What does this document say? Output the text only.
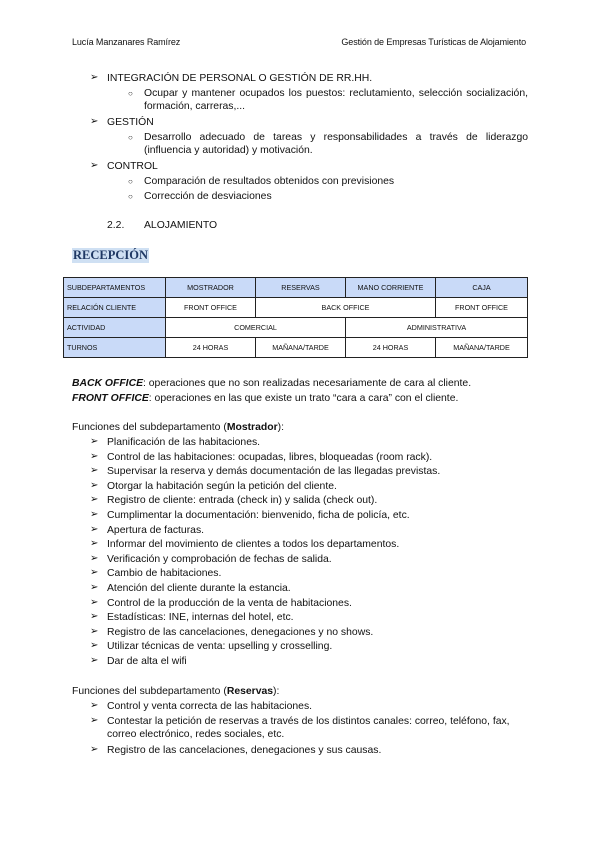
Lucía Manzanares Ramírez	Gestión de Empresas Turísticas de Alojamiento
➢ INTEGRACIÓN DE PERSONAL O GESTIÓN DE RR.HH.
○ Ocupar y mantener ocupados los puestos: reclutamiento, selección socialización, formación, carreras,...
➢ GESTIÓN
○ Desarrollo adecuado de tareas y responsabilidades a través de liderazgo (influencia y autoridad) y motivación.
➢ CONTROL
○ Comparación de resultados obtenidos con previsiones
○ Corrección de desviaciones
2.2. ALOJAMIENTO
RECEPCIÓN
SUBDEPARTAMENTOS	MOSTRADOR	RESERVAS	MANO CORRIENTE	CAJA
RELACIÓN CLIENTE	FRONT OFFICE	BACK OFFICE		FRONT OFFICE
ACTIVIDAD	COMERCIAL		ADMINISTRATIVA	
TURNOS	24 HORAS	MAÑANA/TARDE	24 HORAS	MAÑANA/TARDE
BACK OFFICE: operaciones que no son realizadas necesariamente de cara al cliente.
FRONT OFFICE: operaciones en las que existe un trato “cara a cara” con el cliente.
Funciones del subdepartamento (Mostrador):
➢ Planificación de las habitaciones.
➢ Control de las habitaciones: ocupadas, libres, bloqueadas (room rack).
➢ Supervisar la reserva y demás documentación de las llegadas previstas.
➢ Otorgar la habitación según la petición del cliente.
➢ Registro de cliente: entrada (check in) y salida (check out).
➢ Cumplimentar la documentación: bienvenido, ficha de policía, etc.
➢ Apertura de facturas.
➢ Informar del movimiento de clientes a todos los departamentos.
➢ Verificación y comprobación de fechas de salida.
➢ Cambio de habitaciones.
➢ Atención del cliente durante la estancia.
➢ Control de la producción de la venta de habitaciones.
➢ Estadísticas: INE, internas del hotel, etc.
➢ Registro de las cancelaciones, denegaciones y no shows.
➢ Utilizar técnicas de venta: upselling y crosselling.
➢ Dar de alta el wifi
Funciones del subdepartamento (Reservas):
➢ Control y venta correcta de las habitaciones.
➢ Contestar la petición de reservas a través de los distintos canales: correo, teléfono, fax, correo electrónico, redes sociales, etc.
➢ Registro de las cancelaciones, denegaciones y sus causas.
